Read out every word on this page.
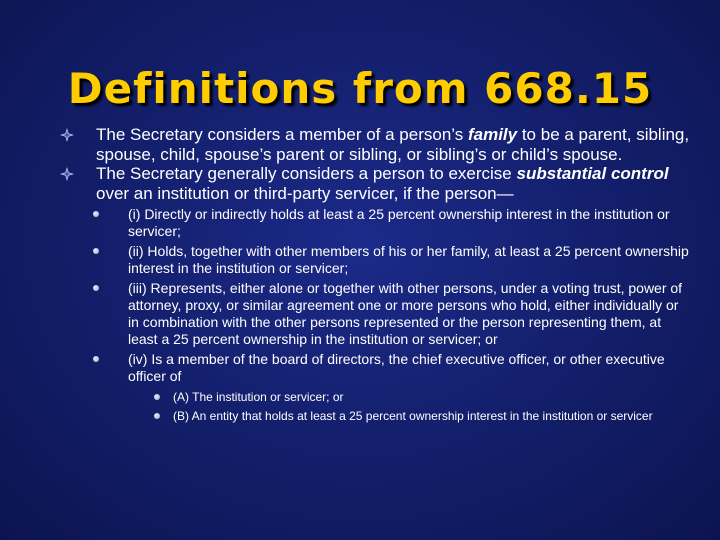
Definitions from 668.15
The Secretary considers a member of a person’s family to be a parent, sibling, spouse, child, spouse’s parent or sibling, or sibling’s or child’s spouse.
The Secretary generally considers a person to exercise substantial control over an institution or third-party servicer, if the person—
(i) Directly or indirectly holds at least a 25 percent ownership interest in the institution or servicer;
(ii) Holds, together with other members of his or her family, at least a 25 percent ownership interest in the institution or servicer;
(iii) Represents, either alone or together with other persons, under a voting trust, power of attorney, proxy, or similar agreement one or more persons who hold, either individually or in combination with the other persons represented or the person representing them, at least a 25 percent ownership in the institution or servicer; or
(iv) Is a member of the board of directors, the chief executive officer, or other executive officer of
(A) The institution or servicer; or
(B) An entity that holds at least a 25 percent ownership interest in the institution or servicer
